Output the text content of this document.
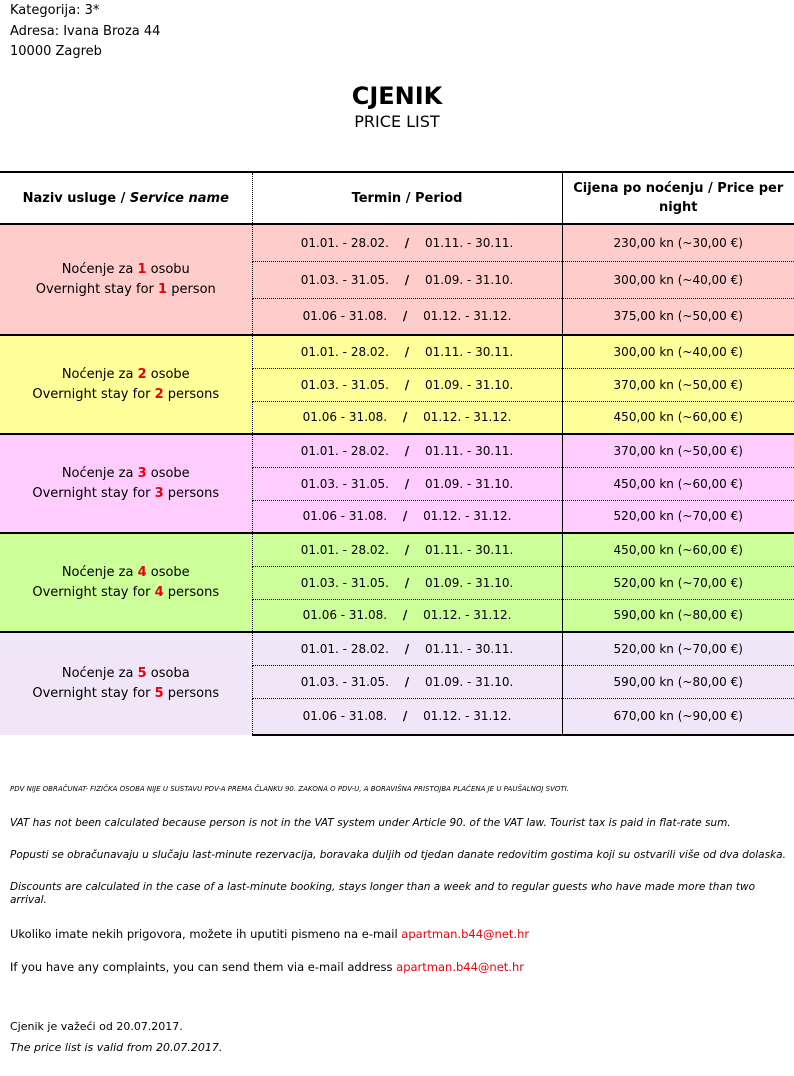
Kategorija: 3*
Adresa: Ivana Broza 44
10000 Zagreb
CJENIK
PRICE LIST
Naziv usluge / Service name	Termin / Period	Cijena po noćenju / Price per night

Noćenje za 1 osobu
Overnight stay for 1 person	01.01. - 28.02. / 01.11. - 30.11.	230,00 kn (~30,00 €)
	01.03. - 31.05. / 01.09. - 31.10.	300,00 kn (~40,00 €)
	01.06 - 31.08. / 01.12. - 31.12.	375,00 kn (~50,00 €)

Noćenje za 2 osobe
Overnight stay for 2 persons	01.01. - 28.02. / 01.11. - 30.11.	300,00 kn (~40,00 €)
	01.03. - 31.05. / 01.09. - 31.10.	370,00 kn (~50,00 €)
	01.06 - 31.08. / 01.12. - 31.12.	450,00 kn (~60,00 €)

Noćenje za 3 osobe
Overnight stay for 3 persons	01.01. - 28.02. / 01.11. - 30.11.	370,00 kn (~50,00 €)
	01.03. - 31.05. / 01.09. - 31.10.	450,00 kn (~60,00 €)
	01.06 - 31.08. / 01.12. - 31.12.	520,00 kn (~70,00 €)

Noćenje za 4 osobe
Overnight stay for 4 persons	01.01. - 28.02. / 01.11. - 30.11.	450,00 kn (~60,00 €)
	01.03. - 31.05. / 01.09. - 31.10.	520,00 kn (~70,00 €)
	01.06 - 31.08. / 01.12. - 31.12.	590,00 kn (~80,00 €)

Noćenje za 5 osoba
Overnight stay for 5 persons	01.01. - 28.02. / 01.11. - 30.11.	520,00 kn (~70,00 €)
	01.03. - 31.05. / 01.09. - 31.10.	590,00 kn (~80,00 €)
	01.06 - 31.08. / 01.12. - 31.12.	670,00 kn (~90,00 €)
PDV NIJE OBRAČUNAT- FIZIČKA OSOBA NIJE U SUSTAVU PDV-A PREMA ČLANKU 90. ZAKONA O PDV-U, A BORAVIŠNA PRISTOJBA PLAĆENA JE U PAUŠALNOJ SVOTI.
VAT has not been calculated because person is not in the VAT system under Article 90. of the VAT law. Tourist tax is paid in flat-rate sum.
Popusti se obračunavaju u slučaju last-minute rezervacija, boravaka duljih od tjedan danate redovitim gostima koji su ostvarili više od dva dolaska.
Discounts are calculated in the case of a last-minute booking, stays longer than a week and to regular guests who have made more than two arrival.
Ukoliko imate nekih prigovora, možete ih uputiti pismeno na e-mail apartman.b44@net.hr
If you have any complaints, you can send them via e-mail address apartman.b44@net.hr
Cjenik je važeći od 20.07.2017.
The price list is valid from 20.07.2017.
